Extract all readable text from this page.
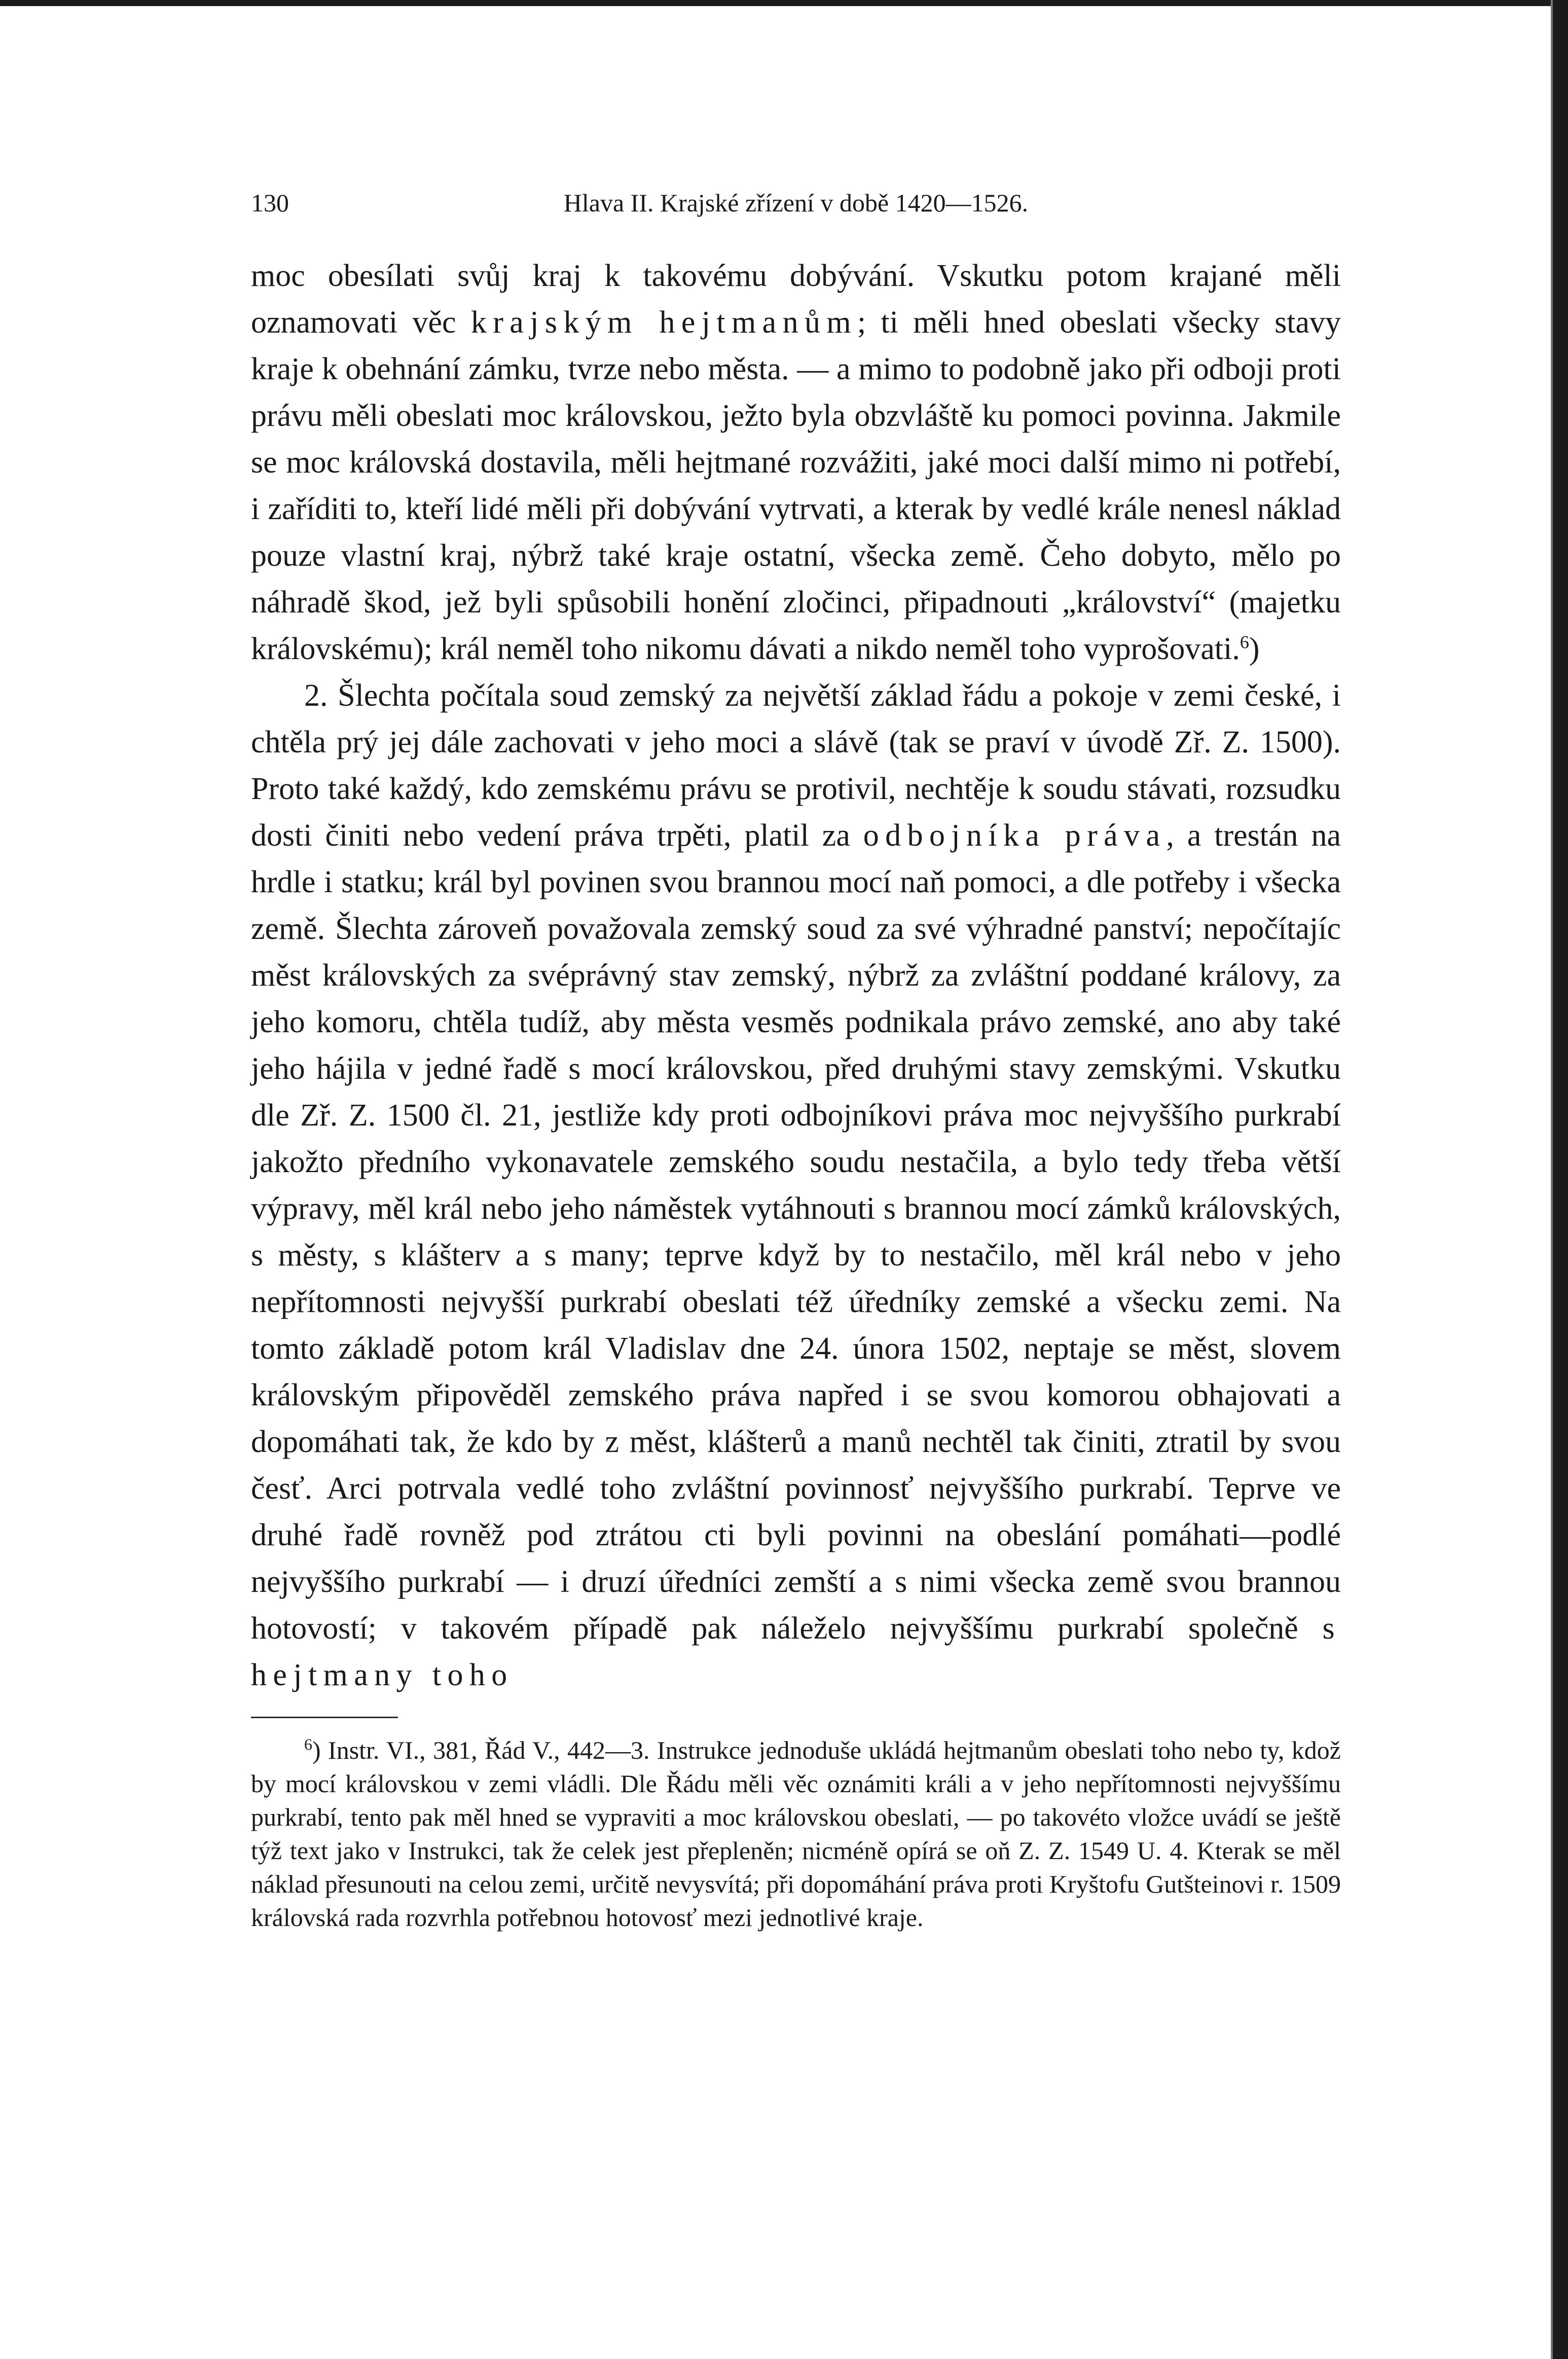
130	Hlava II. Krajské zřízení v době 1420—1526.

moc obesílati svůj kraj k takovému dobývání. Vskutku potom krajané měli oznamovati věc krajským hejtmanům; ti měli hned obeslati všecky stavy kraje k obehnání zámku, tvrze nebo města. — a mimo to podobně jako při odboji proti právu měli obeslati moc královskou, ježto byla obzvláště ku pomoci povinna. Jakmile se moc královská dostavila, měli hejtmané rozvážiti, jaké moci další mimo ni potřebí, i zaříditi to, kteří lidé měli při dobývání vytrvati, a kterak by vedlé krále nenesl náklad pouze vlastní kraj, nýbrž také kraje ostatní, všecka země. Čeho dobyto, mělo po náhradě škod, jež byli spůsobili honění zločinci, připadnouti „království“ (majetku královskému); král neměl toho nikomu dávati a nikdo neměl toho vyprošovati.$^6$)

2. Šlechta počítala soud zemský za největší základ řádu a pokoje v zemi české, i chtěla prý jej dále zachovati v jeho moci a slávě (tak se praví v úvodě Zř. Z. 1500). Proto také každý, kdo zemskému právu se protivil, nechtěje k soudu stávati, rozsudku dosti činiti nebo vedení práva trpěti, platil za odbojníka práva, a trestán na hrdle i statku; král byl povinen svou brannou mocí naň pomoci, a dle potřeby i všecka země. Šlechta zároveň považovala zemský soud za své výhradné panství; nepočítajíc měst královských za svéprávný stav zemský, nýbrž za zvláštní poddané královy, za jeho komoru, chtěla tudíž, aby města vesměs podnikala právo zemské, ano aby také jeho hájila v jedné řadě s mocí královskou, před druhými stavy zemskými. Vskutku dle Zř. Z. 1500 čl. 21, jestliže kdy proti odbojníkovi práva moc nejvyššího purkrabí jakožto předního vykonavatele zemského soudu nestačila, a bylo tedy třeba větší výpravy, měl král nebo jeho náměstek vytáhnouti s brannou mocí zámků královských, s městy, s klášterv a s many; teprve když by to nestačilo, měl král nebo v jeho nepřítomnosti nejvyšší purkrabí obeslati též úředníky zemské a všecku zemi. Na tomto základě potom král Vladislav dne 24. února 1502, neptaje se měst, slovem královským připověděl zemského práva napřed i se svou komorou obhajovati a dopomáhati tak, že kdo by z měst, klášterů a manů nechtěl tak činiti, ztratil by svou česť. Arci potrvala vedlé toho zvláštní povinnosť nejvyššího purkrabí. Teprve ve druhé řadě rovněž pod ztrátou cti byli povinni na obeslání pomáhati—podlé nejvyššího purkrabí — i druzí úředníci zemští a s nimi všecka země svou brannou hotovostí; v takovém případě pak náleželo nejvyššímu purkrabí společně s hejtmany toho

$^6$) Instr. VI., 381, Řád V., 442—3. Instrukce jednoduše ukládá hejtmanům obeslati toho nebo ty, kdož by mocí královskou v zemi vládli. Dle Řádu měli věc oznámiti králi a v jeho nepřítomnosti nejvyššímu purkrabí, tento pak měl hned se vypraviti a moc královskou obeslati, — po takovéto vložce uvádí se ještě týž text jako v Instrukci, tak že celek jest přepleněn; nicméně opírá se oň Z. Z. 1549 U. 4. Kterak se měl náklad přesunouti na celou zemi, určitě nevysvítá; při dopomáhání práva proti Kryštofu Gutšteinovi r. 1509 královská rada rozvrhla potřebnou hotovosť mezi jednotlivé kraje.
